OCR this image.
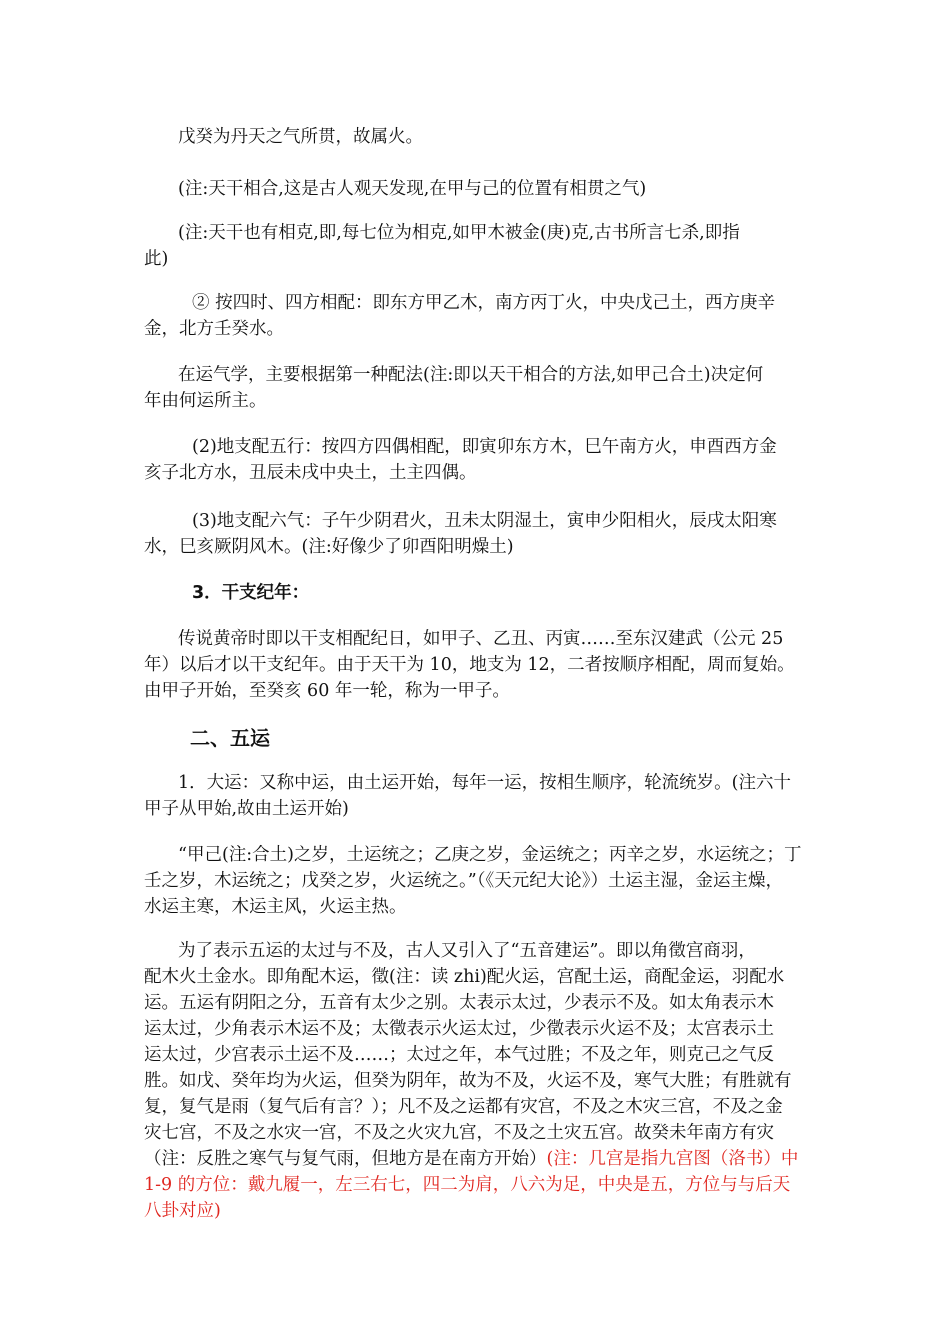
戊癸为丹天之气所贯，故属火。
(注:天干相合,这是古人观天发现,在甲与己的位置有相贯之气)
(注:天干也有相克,即,每七位为相克,如甲木被金(庚)克,古书所言七杀,即指
此)
② 按四时、四方相配：即东方甲乙木，南方丙丁火，中央戊己土，西方庚辛
金，北方壬癸水。
在运气学，主要根据第一种配法(注:即以天干相合的方法,如甲己合土)决定何
年由何运所主。
(2)地支配五行：按四方四偶相配，即寅卯东方木，巳午南方火，申酉西方金
亥子北方水，丑辰未戌中央土，土主四偶。
(3)地支配六气：子午少阴君火，丑未太阴湿土，寅申少阳相火，辰戌太阳寒
水，巳亥厥阴风木。(注:好像少了卯酉阳明燥土)
3．干支纪年：
传说黄帝时即以干支相配纪日，如甲子、乙丑、丙寅……至东汉建武（公元 25
年）以后才以干支纪年。由于天干为 10，地支为 12，二者按顺序相配，周而复始。
由甲子开始，至癸亥 60 年一轮，称为一甲子。
二、五运
1．大运：又称中运，由土运开始，每年一运，按相生顺序，轮流统岁。(注六十
甲子从甲始,故由土运开始)
“甲己(注:合土)之岁，土运统之；乙庚之岁，金运统之；丙辛之岁，水运统之；丁
壬之岁，木运统之；戊癸之岁，火运统之。”（《天元纪大论》）土运主湿，金运主燥，
水运主寒，木运主风，火运主热。
为了表示五运的太过与不及，古人又引入了“五音建运”。即以角徵宫商羽，
配木火土金水。即角配木运，徵(注：读 zhi)配火运，宫配土运，商配金运，羽配水
运。五运有阴阳之分，五音有太少之别。太表示太过，少表示不及。如太角表示木
运太过，少角表示木运不及；太徵表示火运太过，少徵表示火运不及；太宫表示土
运太过，少宫表示土运不及……；太过之年，本气过胜；不及之年，则克己之气反
胜。如戊、癸年均为火运，但癸为阴年，故为不及，火运不及，寒气大胜；有胜就有
复，复气是雨（复气后有言？）；凡不及之运都有灾宫，不及之木灾三宫，不及之金
灾七宫，不及之水灾一宫，不及之火灾九宫，不及之土灾五宫。故癸未年南方有灾
（注：反胜之寒气与复气雨，但地方是在南方开始）(注：几宫是指九宫图（洛书）中
1-9 的方位：戴九履一，左三右七，四二为肩，八六为足，中央是五，方位与与后天
八卦对应)
